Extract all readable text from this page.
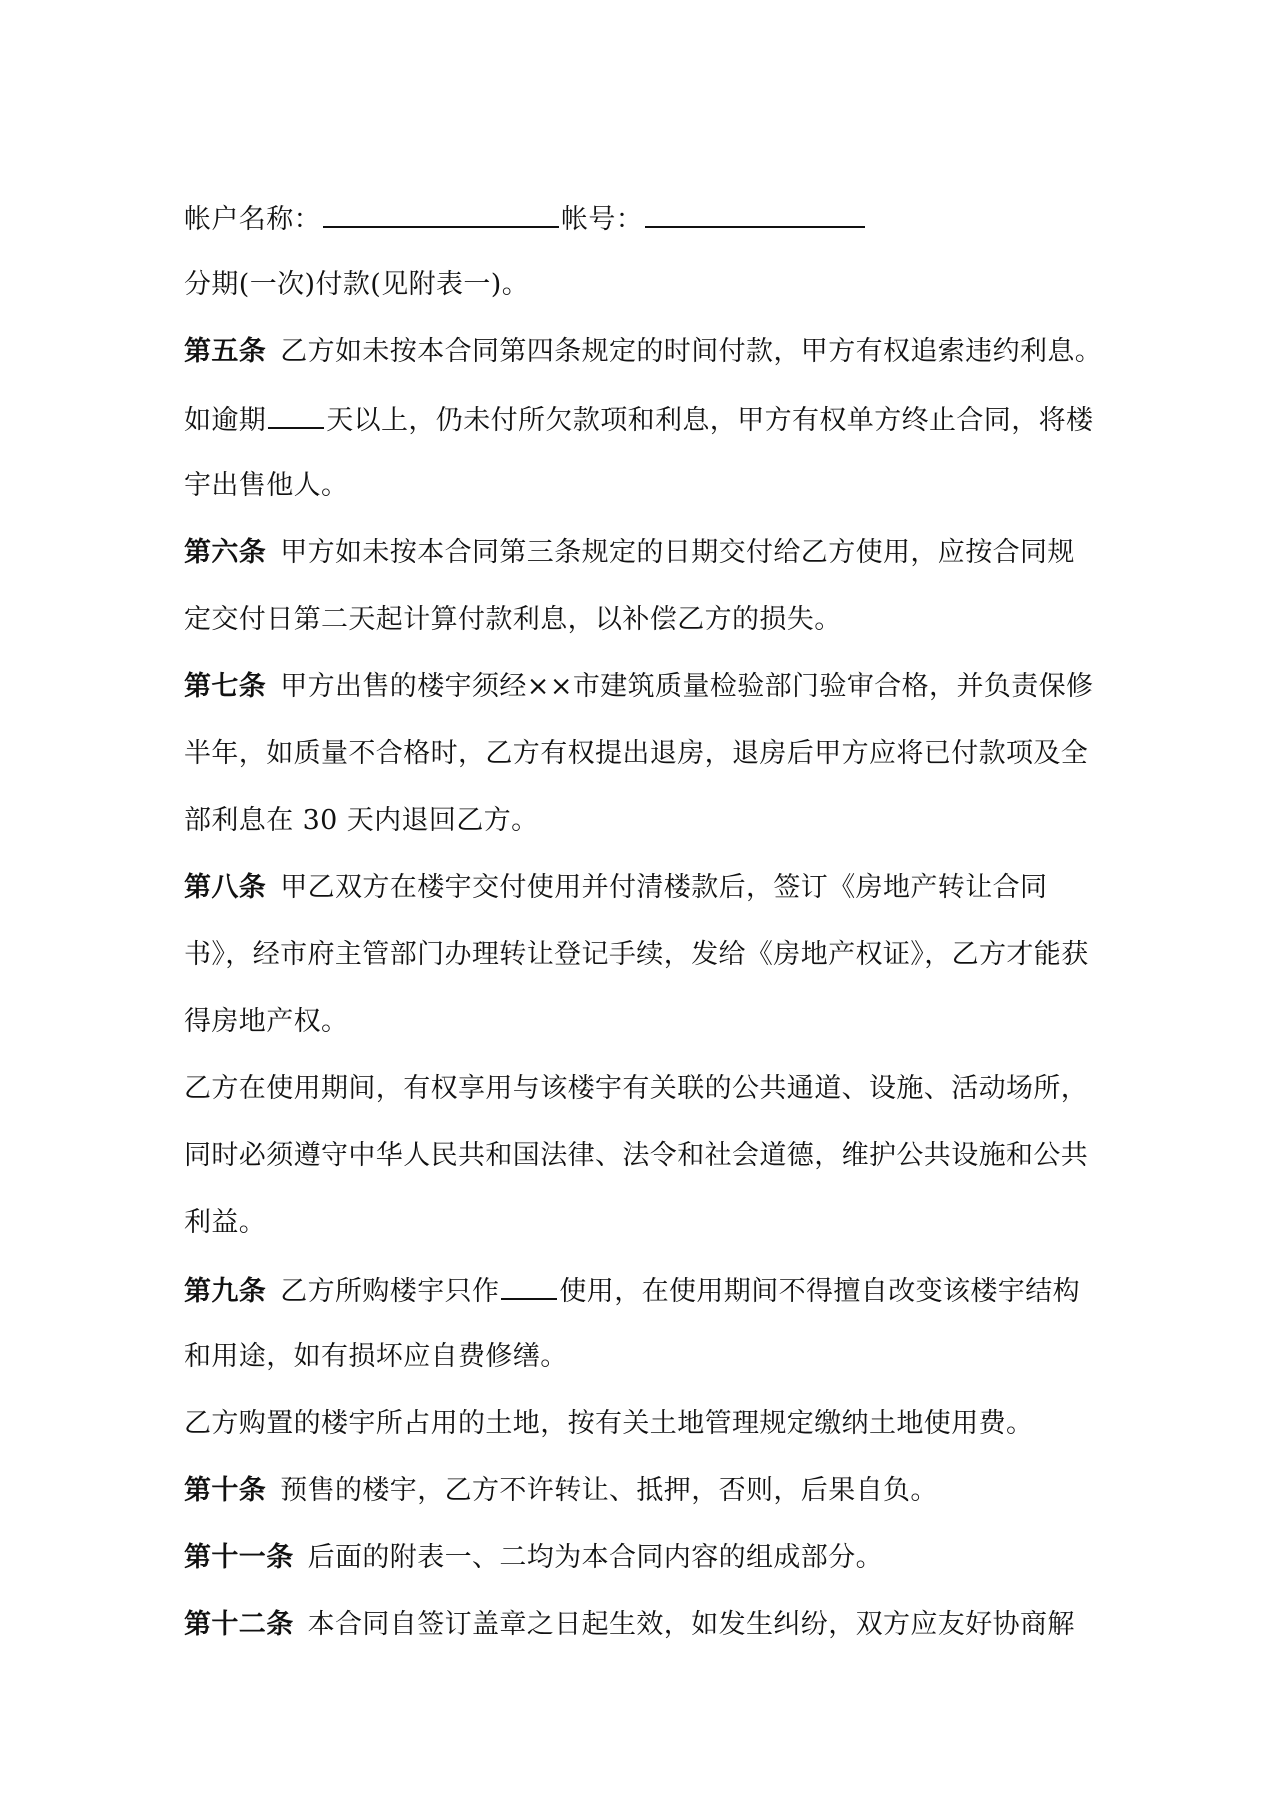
帐户名称：	帐号：
分期(一次)付款(见附表一)。
第五条 乙方如未按本合同第四条规定的时间付款，甲方有权追索违约利息。
如逾期 天以上，仍未付所欠款项和利息，甲方有权单方终止合同，将楼
宇出售他人。
第六条 甲方如未按本合同第三条规定的日期交付给乙方使用，应按合同规
定交付日第二天起计算付款利息，以补偿乙方的损失。
第七条 甲方出售的楼宇须经××市建筑质量检验部门验审合格，并负责保修
半年，如质量不合格时，乙方有权提出退房，退房后甲方应将已付款项及全
部利息在 30 天内退回乙方。
第八条 甲乙双方在楼宇交付使用并付清楼款后，签订《房地产转让合同
书》，经市府主管部门办理转让登记手续，发给《房地产权证》，乙方才能获
得房地产权。
乙方在使用期间，有权享用与该楼宇有关联的公共通道、设施、活动场所，
同时必须遵守中华人民共和国法律、法令和社会道德，维护公共设施和公共
利益。
第九条 乙方所购楼宇只作 使用，在使用期间不得擅自改变该楼宇结构
和用途，如有损坏应自费修缮。
乙方购置的楼宇所占用的土地，按有关土地管理规定缴纳土地使用费。
第十条 预售的楼宇，乙方不许转让、抵押，否则，后果自负。
第十一条 后面的附表一、二均为本合同内容的组成部分。
第十二条 本合同自签订盖章之日起生效，如发生纠纷，双方应友好协商解
